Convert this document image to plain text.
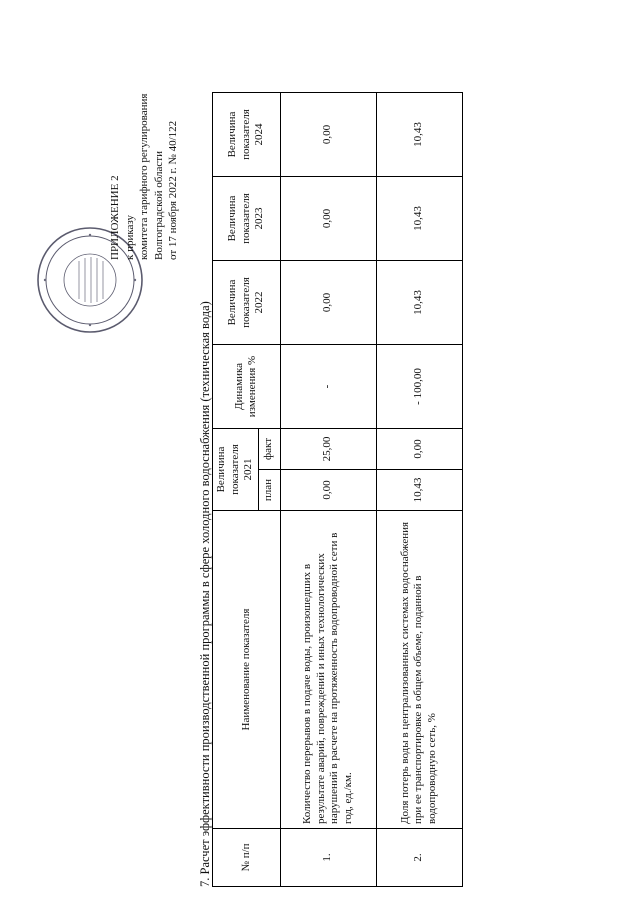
ПРИЛОЖЕНИЕ 2 к приказу комитета тарифного регулирования Волгоградской области от 17 ноября 2022 г. № 40/122
7. Расчет эффективности производственной программы в сфере холодного водоснабжения (техническая вода)	№ п/п	Наименование показателя	Величина показателя 2021		Динамика изменения %	Величина показателя 2022	Величина показателя 2023	Величина показателя 2024
		план	факт				
1.	Количество перерывов в подаче воды, произошедших в результате аварий, повреждений и иных технологических нарушений в расчете на протяженность водопроводной сети в год, ед./км.	0,00	25,00	-	0,00	0,00	0,00
2.	Доля потерь воды в централизованных системах водоснабжения при ее транспортировке в общем объеме, поданной в водопроводную сеть, %	10,43	0,00	- 100,00	10,43	10,43	10,43
